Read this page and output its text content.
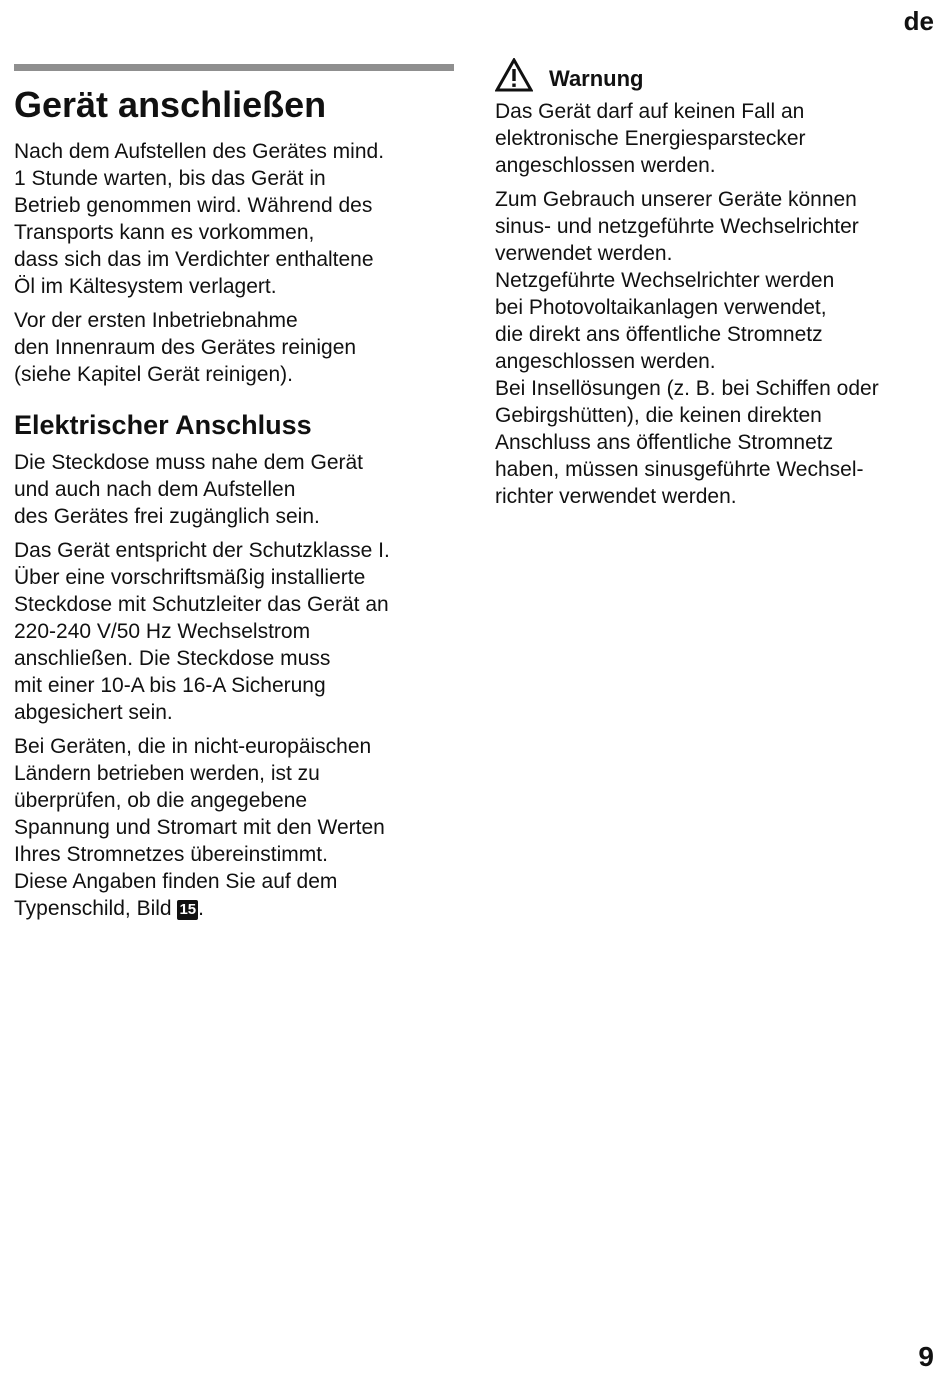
de
Gerät anschließen

Nach dem Aufstellen des Gerätes mind.
1 Stunde warten, bis das Gerät in
Betrieb genommen wird. Während des
Transports kann es vorkommen,
dass sich das im Verdichter enthaltene
Öl im Kältesystem verlagert.

Vor der ersten Inbetriebnahme
den Innenraum des Gerätes reinigen
(siehe Kapitel Gerät reinigen).

Elektrischer Anschluss

Die Steckdose muss nahe dem Gerät
und auch nach dem Aufstellen
des Gerätes frei zugänglich sein.

Das Gerät entspricht der Schutzklasse I.
Über eine vorschriftsmäßig installierte
Steckdose mit Schutzleiter das Gerät an
220-240 V/50 Hz Wechselstrom
anschließen. Die Steckdose muss
mit einer 10-A bis 16-A Sicherung
abgesichert sein.

Bei Geräten, die in nicht-europäischen
Ländern betrieben werden, ist zu
überprüfen, ob die angegebene
Spannung und Stromart mit den Werten
Ihres Stromnetzes übereinstimmt.
Diese Angaben finden Sie auf dem
Typenschild, Bild 15.

Warnung

Das Gerät darf auf keinen Fall an
elektronische Energiesparstecker
angeschlossen werden.

Zum Gebrauch unserer Geräte können
sinus- und netzgeführte Wechselrichter
verwendet werden.

Netzgeführte Wechselrichter werden
bei Photovoltaikanlagen verwendet,
die direkt ans öffentliche Stromnetz
angeschlossen werden.

Bei Insellösungen (z. B. bei Schiffen oder
Gebirgshütten), die keinen direkten
Anschluss ans öffentliche Stromnetz
haben, müssen sinusgeführte Wechsel-
richter verwendet werden.

9
